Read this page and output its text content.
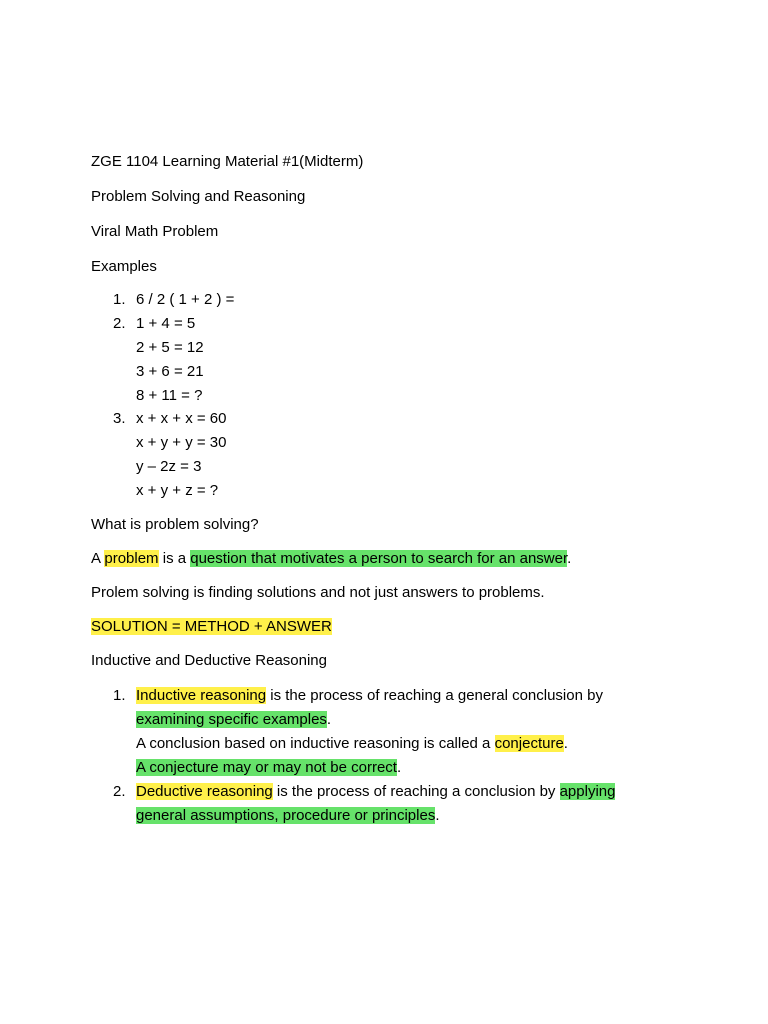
ZGE 1104 Learning Material #1(Midterm)
Problem Solving and Reasoning
Viral Math Problem
Examples
1. 6 / 2 ( 1 + 2 ) =
2. 1 + 4 = 5
2 + 5 = 12
3 + 6 = 21
8 + 11 = ?
3. x + x + x = 60
x + y + y = 30
y – 2z = 3
x + y + z = ?
What is problem solving?
A problem is a question that motivates a person to search for an answer.
Prolem solving is finding solutions and not just answers to problems.
SOLUTION = METHOD + ANSWER
Inductive and Deductive Reasoning
1. Inductive reasoning is the process of reaching a general conclusion by
examining specific examples.
A conclusion based on inductive reasoning is called a conjecture.
A conjecture may or may not be correct.
2. Deductive reasoning is the process of reaching a conclusion by applying
general assumptions, procedure or principles.
